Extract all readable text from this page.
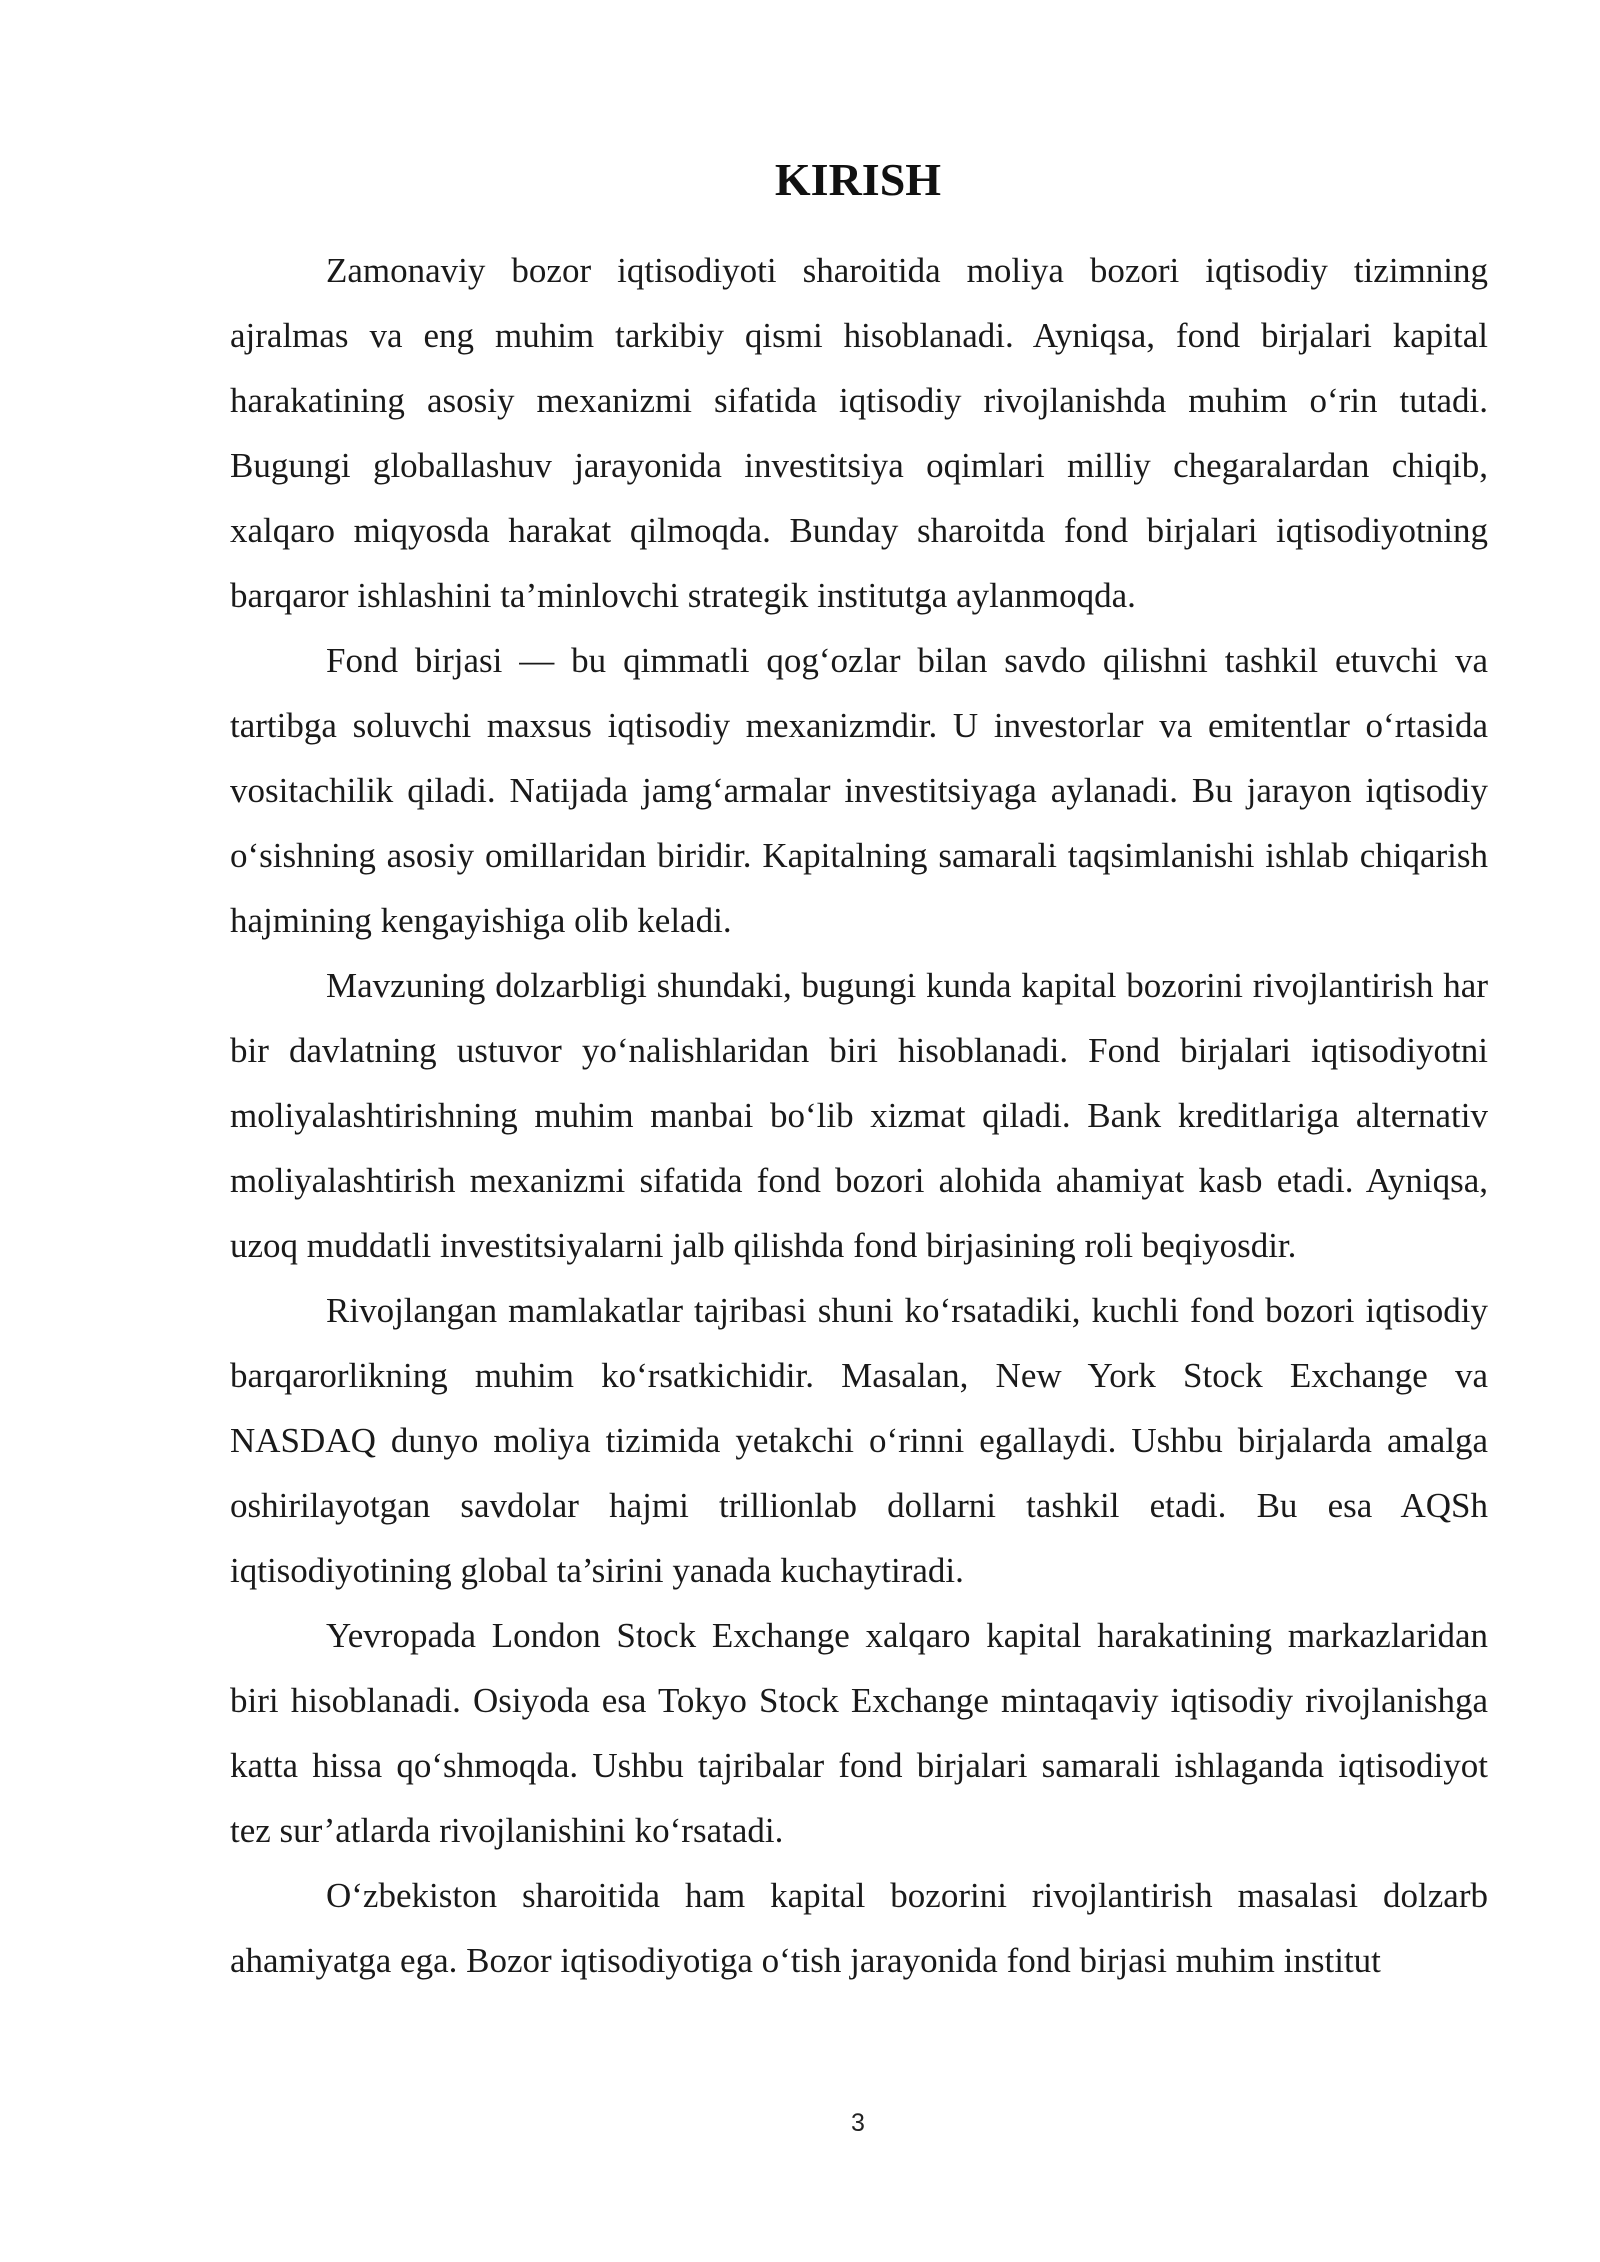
KIRISH

Zamonaviy bozor iqtisodiyoti sharoitida moliya bozori iqtisodiy tizimning ajralmas va eng muhim tarkibiy qismi hisoblanadi. Ayniqsa, fond birjalari kapital harakatining asosiy mexanizmi sifatida iqtisodiy rivojlanishda muhim o‘rin tutadi. Bugungi globallashuv jarayonida investitsiya oqimlari milliy chegaralardan chiqib, xalqaro miqyosda harakat qilmoqda. Bunday sharoitda fond birjalari iqtisodiyotning barqaror ishlashini ta’minlovchi strategik institutga aylanmoqda.

Fond birjasi — bu qimmatli qog‘ozlar bilan savdo qilishni tashkil etuvchi va tartibga soluvchi maxsus iqtisodiy mexanizmdir. U investorlar va emitentlar o‘rtasida vositachilik qiladi. Natijada jamg‘armalar investitsiyaga aylanadi. Bu jarayon iqtisodiy o‘sishning asosiy omillaridan biridir. Kapitalning samarali taqsimlanishi ishlab chiqarish hajmining kengayishiga olib keladi.

Mavzuning dolzarbligi shundaki, bugungi kunda kapital bozorini rivojlantirish har bir davlatning ustuvor yo‘nalishlaridan biri hisoblanadi. Fond birjalari iqtisodiyotni moliyalashtirishning muhim manbai bo‘lib xizmat qiladi. Bank kreditlariga alternativ moliyalashtirish mexanizmi sifatida fond bozori alohida ahamiyat kasb etadi. Ayniqsa, uzoq muddatli investitsiyalarni jalb qilishda fond birjasining roli beqiyosdir.

Rivojlangan mamlakatlar tajribasi shuni ko‘rsatadiki, kuchli fond bozori iqtisodiy barqarorlikning muhim ko‘rsatkichidir. Masalan, New York Stock Exchange va NASDAQ dunyo moliya tizimida yetakchi o‘rinni egallaydi. Ushbu birjalarda amalga oshirilayotgan savdolar hajmi trillionlab dollarni tashkil etadi. Bu esa AQSh iqtisodiyotining global ta’sirini yanada kuchaytiradi.

Yevropada London Stock Exchange xalqaro kapital harakatining markazlaridan biri hisoblanadi. Osiyoda esa Tokyo Stock Exchange mintaqaviy iqtisodiy rivojlanishga katta hissa qo‘shmoqda. Ushbu tajribalar fond birjalari samarali ishlaganda iqtisodiyot tez sur’atlarda rivojlanishini ko‘rsatadi.

O‘zbekiston sharoitida ham kapital bozorini rivojlantirish masalasi dolzarb ahamiyatga ega. Bozor iqtisodiyotiga o‘tish jarayonida fond birjasi muhim institut

3
